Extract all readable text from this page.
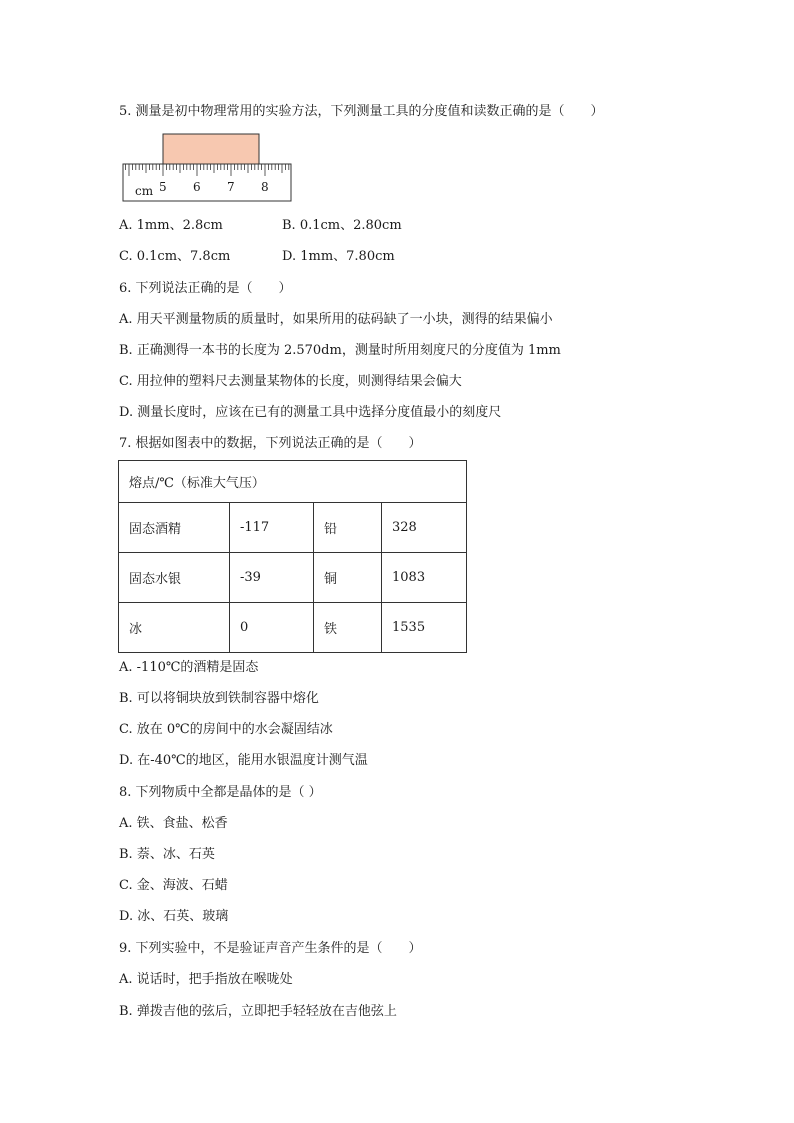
5. 测量是初中物理常用的实验方法，下列测量工具的分度值和读数正确的是（　　）
cm 5 6 7 8
A. 1mm、2.8cm	B. 0.1cm、2.80cm
C. 0.1cm、7.8cm	D. 1mm、7.80cm
6. 下列说法正确的是（　　）
A. 用天平测量物质的质量时，如果所用的砝码缺了一小块，测得的结果偏小
B. 正确测得一本书的长度为 2.570dm，测量时所用刻度尺的分度值为 1mm
C. 用拉伸的塑料尺去测量某物体的长度，则测得结果会偏大
D. 测量长度时，应该在已有的测量工具中选择分度值最小的刻度尺
7. 根据如图表中的数据，下列说法正确的是（　　）
熔点/℃（标准大气压）			
固态酒精	-117	铅	328
固态水银	-39	铜	1083
冰	0	铁	1535
A. -110℃的酒精是固态
B. 可以将铜块放到铁制容器中熔化
C. 放在 0℃的房间中的水会凝固结冰
D. 在-40℃的地区，能用水银温度计测气温
8. 下列物质中全都是晶体的是（ ）
A. 铁、食盐、松香
B. 萘、冰、石英
C. 金、海波、石蜡
D. 冰、石英、玻璃
9. 下列实验中，不是验证声音产生条件的是（　　）
A. 说话时，把手指放在喉咙处
B. 弹拨吉他的弦后，立即把手轻轻放在吉他弦上
